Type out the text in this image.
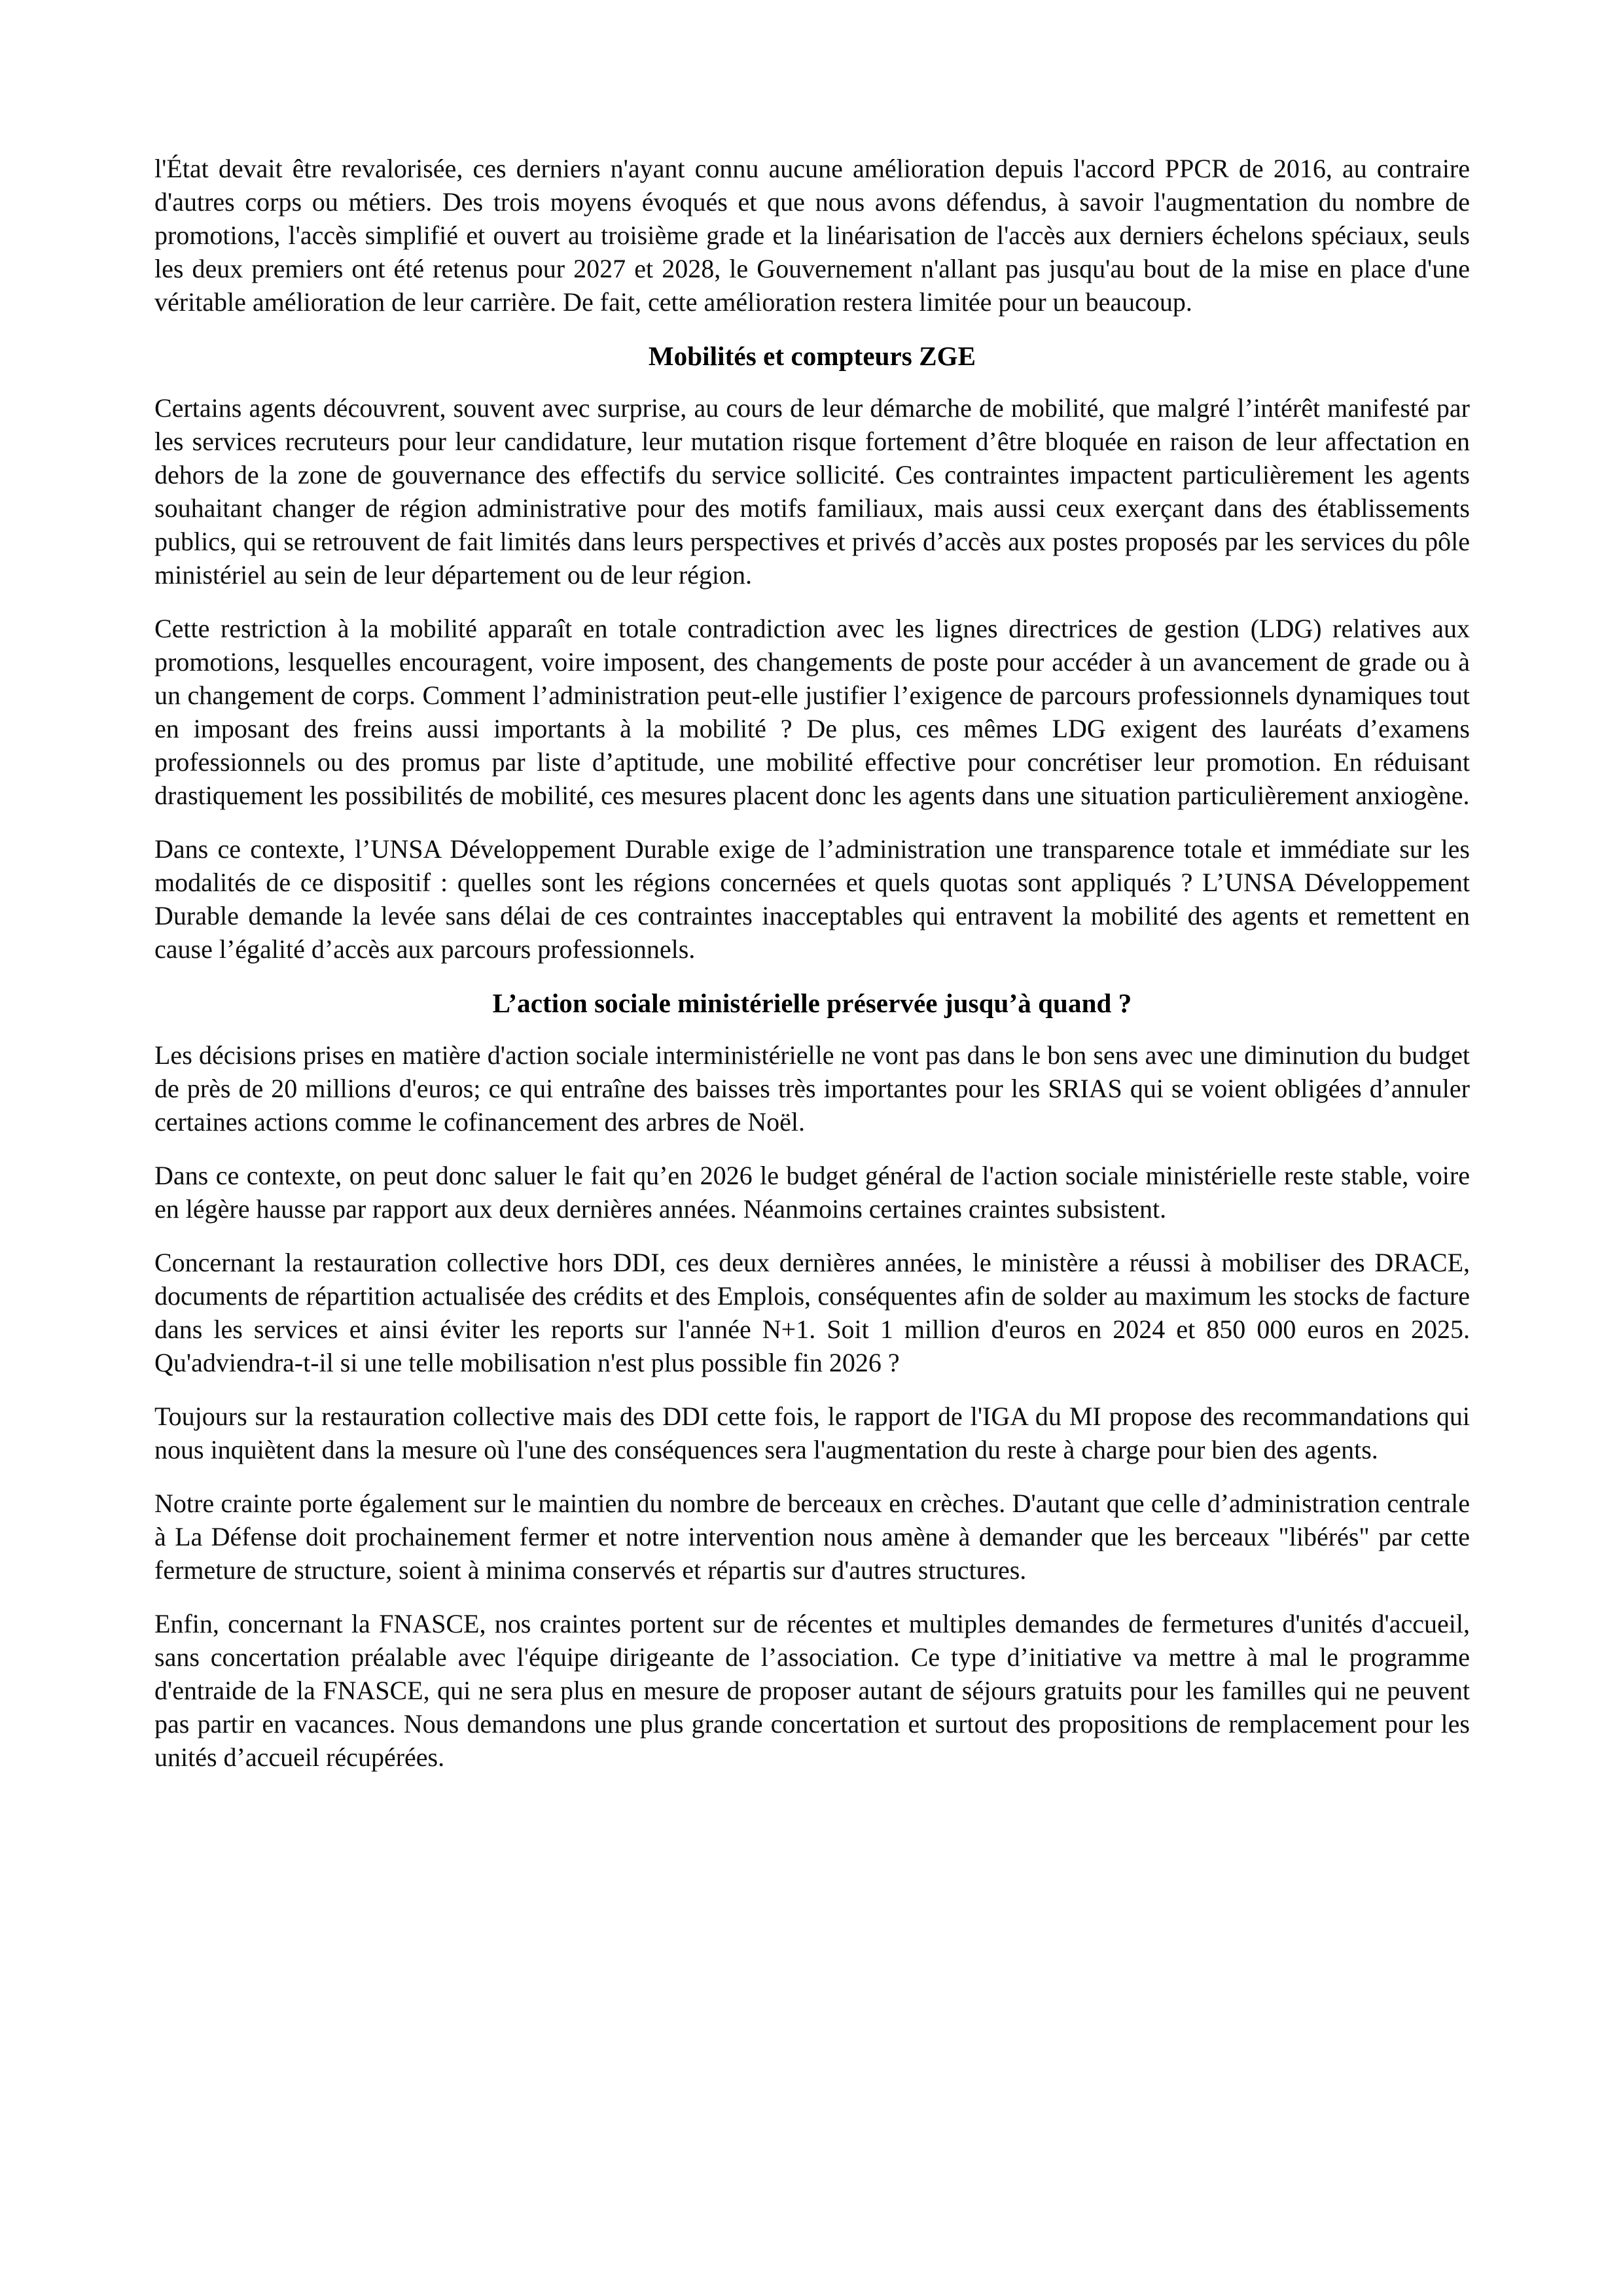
l'État devait être revalorisée, ces derniers n'ayant connu aucune amélioration depuis l'accord PPCR de 2016, au contraire d'autres corps ou métiers. Des trois moyens évoqués et que nous avons défendus, à savoir l'augmentation du nombre de promotions, l'accès simplifié et ouvert au troisième grade et la linéarisation de l'accès aux derniers échelons spéciaux, seuls les deux premiers ont été retenus pour 2027 et 2028, le Gouvernement n'allant pas jusqu'au bout de la mise en place d'une véritable amélioration de leur carrière. De fait, cette amélioration restera limitée pour un beaucoup.

Mobilités et compteurs ZGE

Certains agents découvrent, souvent avec surprise, au cours de leur démarche de mobilité, que malgré l’intérêt manifesté par les services recruteurs pour leur candidature, leur mutation risque fortement d’être bloquée en raison de leur affectation en dehors de la zone de gouvernance des effectifs du service sollicité. Ces contraintes impactent particulièrement les agents souhaitant changer de région administrative pour des motifs familiaux, mais aussi ceux exerçant dans des établissements publics, qui se retrouvent de fait limités dans leurs perspectives et privés d’accès aux postes proposés par les services du pôle ministériel au sein de leur département ou de leur région.

Cette restriction à la mobilité apparaît en totale contradiction avec les lignes directrices de gestion (LDG) relatives aux promotions, lesquelles encouragent, voire imposent, des changements de poste pour accéder à un avancement de grade ou à un changement de corps. Comment l’administration peut-elle justifier l’exigence de parcours professionnels dynamiques tout en imposant des freins aussi importants à la mobilité ? De plus, ces mêmes LDG exigent des lauréats d’examens professionnels ou des promus par liste d’aptitude, une mobilité effective pour concrétiser leur promotion. En réduisant drastiquement les possibilités de mobilité, ces mesures placent donc les agents dans une situation particulièrement anxiogène.

Dans ce contexte, l’UNSA Développement Durable exige de l’administration une transparence totale et immédiate sur les modalités de ce dispositif : quelles sont les régions concernées et quels quotas sont appliqués ? L’UNSA Développement Durable demande la levée sans délai de ces contraintes inacceptables qui entravent la mobilité des agents et remettent en cause l’égalité d’accès aux parcours professionnels.

L’action sociale ministérielle préservée jusqu’à quand ?

Les décisions prises en matière d'action sociale interministérielle ne vont pas dans le bon sens avec une diminution du budget de près de 20 millions d'euros; ce qui entraîne des baisses très importantes pour les SRIAS qui se voient obligées d’annuler certaines actions comme le cofinancement des arbres de Noël.

Dans ce contexte, on peut donc saluer le fait qu’en 2026 le budget général de l'action sociale ministérielle reste stable, voire en légère hausse par rapport aux deux dernières années. Néanmoins certaines craintes subsistent.

Concernant la restauration collective hors DDI, ces deux dernières années, le ministère a réussi à mobiliser des DRACE, documents de répartition actualisée des crédits et des Emplois, conséquentes afin de solder au maximum les stocks de facture dans les services et ainsi éviter les reports sur l'année N+1. Soit 1 million d'euros en 2024 et 850 000 euros en 2025. Qu'adviendra-t-il si une telle mobilisation n'est plus possible fin 2026 ?

Toujours sur la restauration collective mais des DDI cette fois, le rapport de l'IGA du MI propose des recommandations qui nous inquiètent dans la mesure où l'une des conséquences sera l'augmentation du reste à charge pour bien des agents.

Notre crainte porte également sur le maintien du nombre de berceaux en crèches. D'autant que celle d’administration centrale à La Défense doit prochainement fermer et notre intervention nous amène à demander que les berceaux "libérés" par cette fermeture de structure, soient à minima conservés et répartis sur d'autres structures.

Enfin, concernant la FNASCE, nos craintes portent sur de récentes et multiples demandes de fermetures d'unités d'accueil, sans concertation préalable avec l'équipe dirigeante de l’association. Ce type d’initiative va mettre à mal le programme d'entraide de la FNASCE, qui ne sera plus en mesure de proposer autant de séjours gratuits pour les familles qui ne peuvent pas partir en vacances. Nous demandons une plus grande concertation et surtout des propositions de remplacement pour les unités d’accueil récupérées.
